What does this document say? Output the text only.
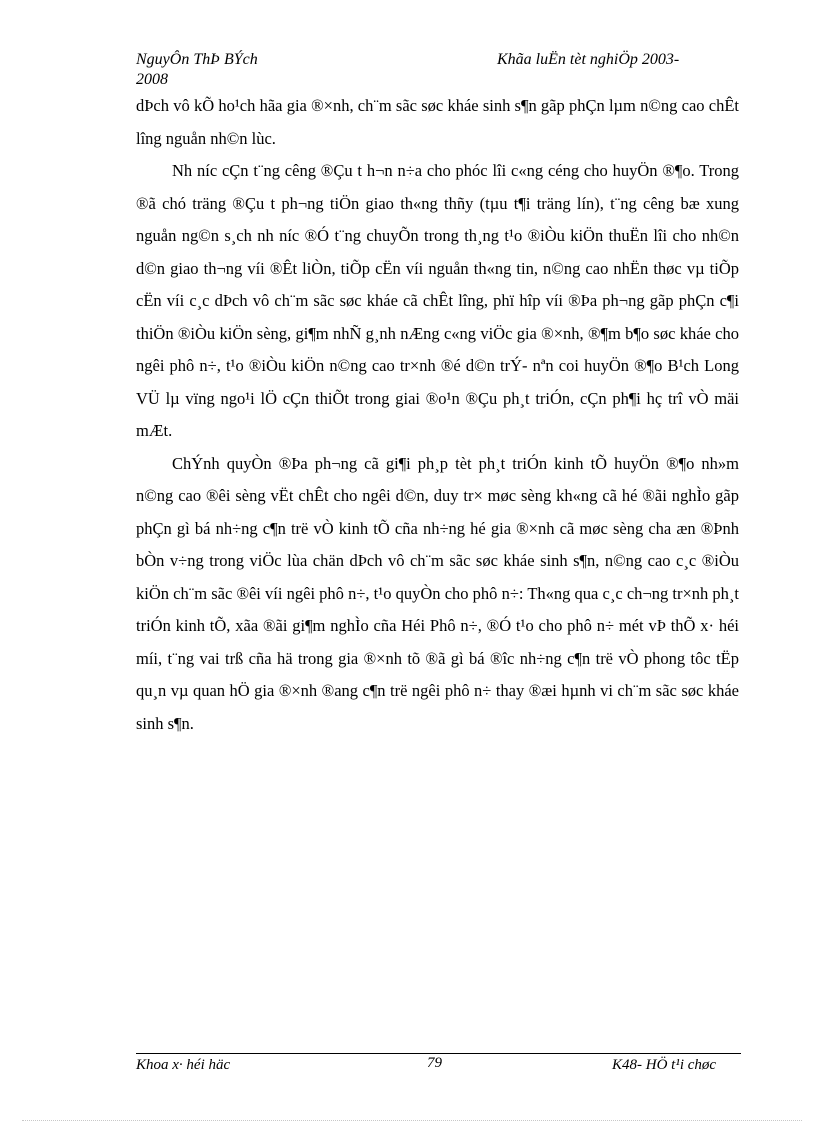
NguyÔn ThÞ BÝch	Khãa luËn tèt nghiÖp 2003-
2008

dÞch vô kÕ ho¹ch hãa gia ®×nh, ch¨m sãc søc kháe sinh s¶n gãp phÇn lµm n©ng cao chÊt lîng nguån nh©n lùc.

Nh níc cÇn t¨ng cêng ®Çu t h¬n n÷a cho phóc lîi c«ng céng cho huyÖn ®¶o. Trong ®ã chó träng ®Çu t ph¬ng tiÖn giao th«ng thñy (tµu t¶i träng lín), t¨ng cêng bæ xung nguån ng©n s¸ch nh níc ®Ó t¨ng chuyÕn trong th¸ng t¹o ®iÒu kiÖn thuËn lîi cho nh©n d©n giao th¬ng víi ®Êt liÒn, tiÕp cËn víi nguån th«ng tin, n©ng cao nhËn thøc vµ tiÕp cËn víi c¸c dÞch vô ch¨m sãc søc kháe cã chÊt lîng, phï hîp víi ®Þa ph¬ng gãp phÇn c¶i thiÖn ®iÒu kiÖn sèng, gi¶m nhÑ g¸nh nÆng c«ng viÖc gia ®×nh, ®¶m b¶o søc kháe cho ngêi phô n÷, t¹o ®iÒu kiÖn n©ng cao tr×nh ®é d©n trÝ- nªn coi huyÖn ®¶o B¹ch Long VÜ lµ vïng ngo¹i lÖ cÇn thiÕt trong giai ®o¹n ®Çu ph¸t triÓn, cÇn ph¶i hç trî vÒ mäi mÆt.

ChÝnh quyÒn ®Þa ph¬ng cã gi¶i ph¸p tèt ph¸t triÓn kinh tÕ huyÖn ®¶o nh»m n©ng cao ®êi sèng vËt chÊt cho ngêi d©n, duy tr× møc sèng kh«ng cã hé ®ãi nghÌo gãp phÇn gì bá nh÷ng c¶n trë vÒ kinh tÕ cña nh÷ng hé gia ®×nh cã møc sèng cha æn ®Þnh bÒn v÷ng trong viÖc lùa chän dÞch vô ch¨m sãc søc kháe sinh s¶n, n©ng cao c¸c ®iÒu kiÖn ch¨m sãc ®êi víi ngêi phô n÷, t¹o quyÒn cho phô n÷: Th«ng qua c¸c ch¬ng tr×nh ph¸t triÓn kinh tÕ, xãa ®ãi gi¶m nghÌo cña Héi Phô n÷, ®Ó t¹o cho phô n÷ mét vÞ thÕ x· héi míi, t¨ng vai trß cña hä trong gia ®×nh tõ ®ã gì bá ®îc nh÷ng c¶n trë vÒ phong tôc tËp qu¸n vµ quan hÖ gia ®×nh ®ang c¶n trë ngêi phô n÷ thay ®æi hµnh vi ch¨m sãc søc kháe sinh s¶n.

Khoa x· héi häc	79	K48- HÖ t¹i chøc
